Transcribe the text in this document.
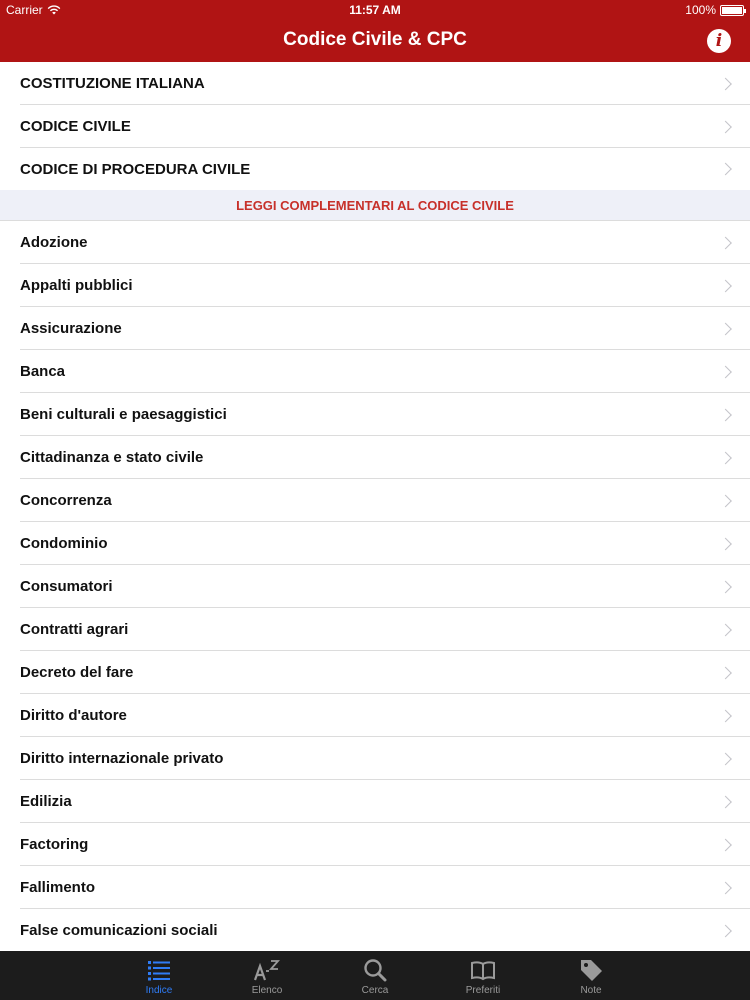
Carrier	11:57 AM	100%
Codice Civile & CPC	i
COSTITUZIONE ITALIANA
CODICE CIVILE
CODICE DI PROCEDURA CIVILE
LEGGI COMPLEMENTARI AL CODICE CIVILE
Adozione
Appalti pubblici
Assicurazione
Banca
Beni culturali e paesaggistici
Cittadinanza e stato civile
Concorrenza
Condominio
Consumatori
Contratti agrari
Decreto del fare
Diritto d'autore
Diritto internazionale privato
Edilizia
Factoring
Fallimento
False comunicazioni sociali
Indice	Elenco	Cerca	Preferiti	Note
